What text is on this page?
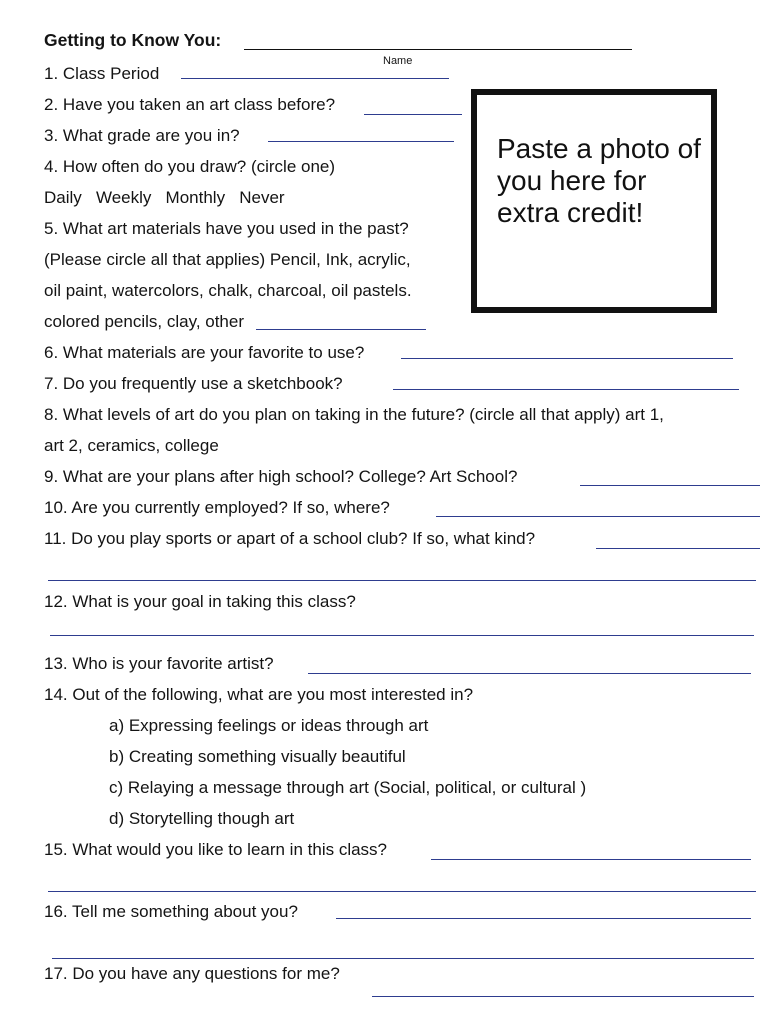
Getting to Know You:
Name
Paste a photo of you here for extra credit!
1. Class Period
2. Have you taken an art class before?
3. What grade are you in?
4. How often do you draw? (circle one)
Daily   Weekly   Monthly   Never
5. What art materials have you used in the past?
(Please circle all that applies) Pencil, Ink, acrylic,
oil paint, watercolors, chalk, charcoal, oil pastels.
colored pencils, clay, other
6. What materials are your favorite to use?
7. Do you frequently use a sketchbook?
8. What levels of art do you plan on taking in the future? (circle all that apply) art 1,
art 2, ceramics, college
9. What are your plans after high school? College? Art School?
10. Are you currently employed? If so, where?
11. Do you play sports or apart of a school club? If so, what kind?
12. What is your goal in taking this class?
13. Who is your favorite artist?
14. Out of the following, what are you most interested in?
a) Expressing feelings or ideas through art
b) Creating something visually beautiful
c) Relaying a message through art (Social, political, or cultural )
d) Storytelling though art
15. What would you like to learn in this class?
16. Tell me something about you?
17. Do you have any questions for me?
